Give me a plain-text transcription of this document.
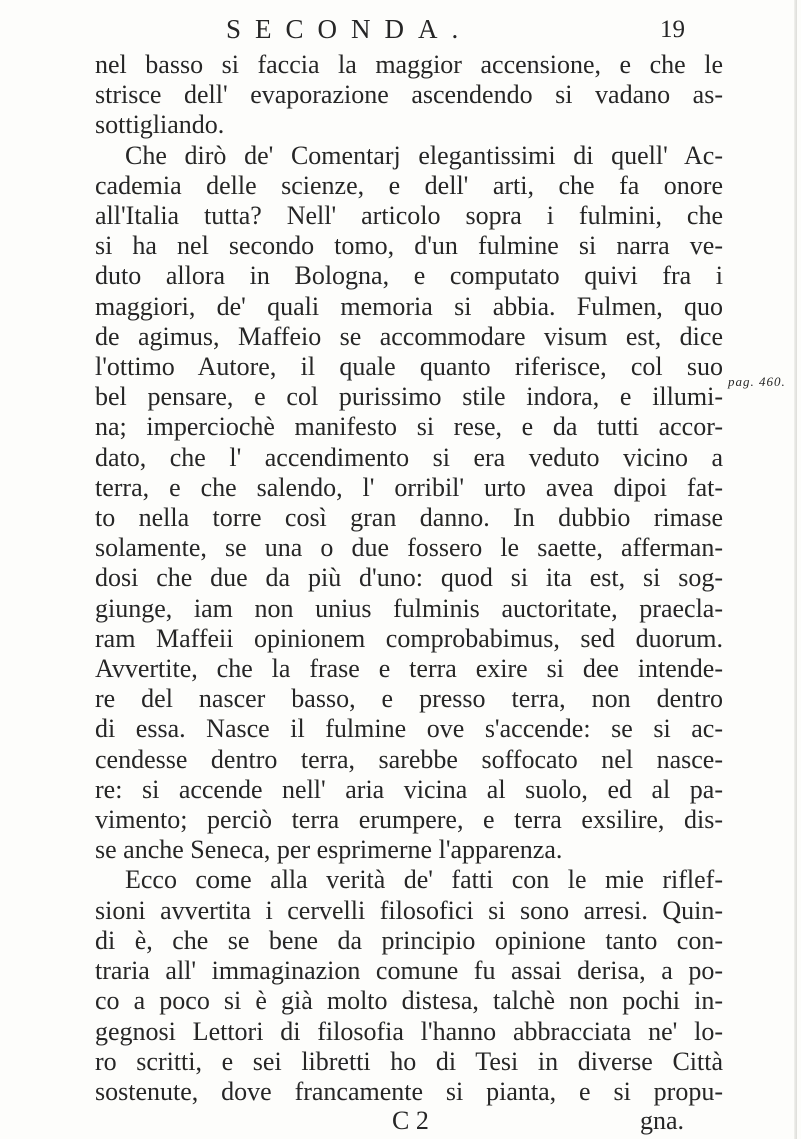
SECONDA.	19
pag. 460.
nel basso si faccia la maggior accensione, e che le
strisce dell' evaporazione ascendendo si vadano as-
sottigliando.
Che dirò de' Comentarj elegantissimi di quell' Ac-
cademia delle scienze, e dell' arti, che fa onore
all'Italia tutta? Nell' articolo sopra i fulmini, che
si ha nel secondo tomo, d'un fulmine si narra ve-
duto allora in Bologna, e computato quivi fra i
maggiori, de' quali memoria si abbia. Fulmen, quo
de agimus, Maffeio se accommodare visum est, dice
l'ottimo Autore, il quale quanto riferisce, col suo
bel pensare, e col purissimo stile indora, e illumi-
na; imperciochè manifesto si rese, e da tutti accor-
dato, che l' accendimento si era veduto vicino a
terra, e che salendo, l' orribil' urto avea dipoi fat-
to nella torre così gran danno. In dubbio rimase
solamente, se una o due fossero le saette, afferman-
dosi che due da più d'uno: quod si ita est, si sog-
giunge, iam non unius fulminis auctoritate, praecla-
ram Maffeii opinionem comprobabimus, sed duorum.
Avvertite, che la frase e terra exire si dee intende-
re del nascer basso, e presso terra, non dentro
di essa. Nasce il fulmine ove s'accende: se si ac-
cendesse dentro terra, sarebbe soffocato nel nasce-
re: si accende nell' aria vicina al suolo, ed al pa-
vimento; perciò terra erumpere, e terra exsilire, dis-
se anche Seneca, per esprimerne l'apparenza.
Ecco come alla verità de' fatti con le mie riflef-
sioni avvertita i cervelli filosofici si sono arresi. Quin-
di è, che se bene da principio opinione tanto con-
traria all' immaginazion comune fu assai derisa, a po-
co a poco si è già molto distesa, talchè non pochi in-
gegnosi Lettori di filosofia l'hanno abbracciata ne' lo-
ro scritti, e sei libretti ho di Tesi in diverse Città
sostenute, dove francamente si pianta, e si propu-
C 2	gna.
